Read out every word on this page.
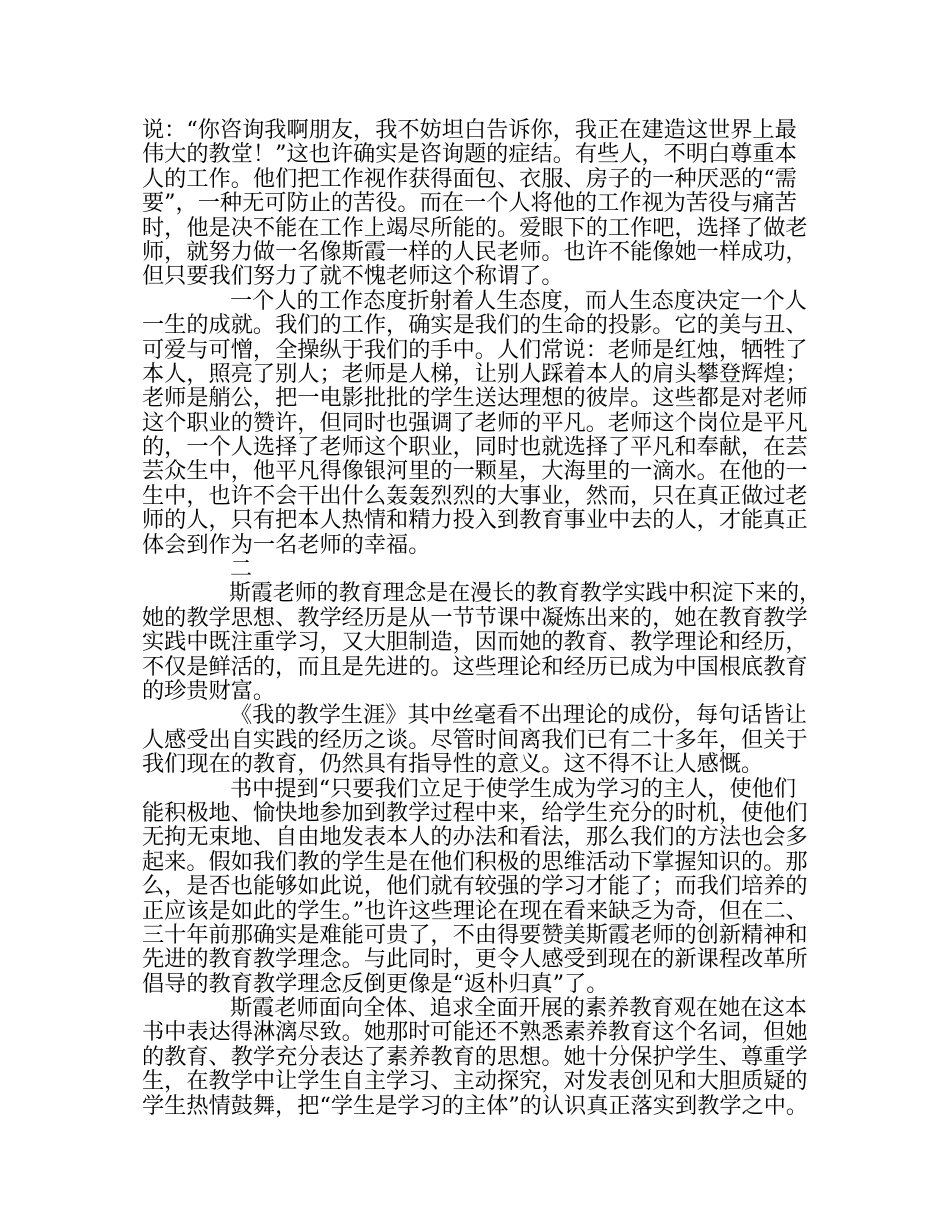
说：“你咨询我啊朋友，我不妨坦白告诉你，我正在建造这世界上最
伟大的教堂！”这也许确实是咨询题的症结。有些人，不明白尊重本
人的工作。他们把工作视作获得面包、衣服、房子的一种厌恶的“需
要”，一种无可防止的苦役。而在一个人将他的工作视为苦役与痛苦
时，他是决不能在工作上竭尽所能的。爱眼下的工作吧，选择了做老
师，就努力做一名像斯霞一样的人民老师。也许不能像她一样成功，
但只要我们努力了就不愧老师这个称谓了。
一个人的工作态度折射着人生态度，而人生态度决定一个人
一生的成就。我们的工作，确实是我们的生命的投影。它的美与丑、
可爱与可憎，全操纵于我们的手中。人们常说：老师是红烛，牺牲了
本人，照亮了别人；老师是人梯，让别人踩着本人的肩头攀登辉煌；
老师是艄公，把一电影批批的学生送达理想的彼岸。这些都是对老师
这个职业的赞许，但同时也强调了老师的平凡。老师这个岗位是平凡
的，一个人选择了老师这个职业，同时也就选择了平凡和奉献，在芸
芸众生中，他平凡得像银河里的一颗星，大海里的一滴水。在他的一
生中，也许不会干出什么轰轰烈烈的大事业，然而，只在真正做过老
师的人，只有把本人热情和精力投入到教育事业中去的人，才能真正
体会到作为一名老师的幸福。
二
斯霞老师的教育理念是在漫长的教育教学实践中积淀下来的，
她的教学思想、教学经历是从一节节课中凝炼出来的，她在教育教学
实践中既注重学习，又大胆制造，因而她的教育、教学理论和经历，
不仅是鲜活的，而且是先进的。这些理论和经历已成为中国根底教育
的珍贵财富。
《我的教学生涯》其中丝毫看不出理论的成份，每句话皆让
人感受出自实践的经历之谈。尽管时间离我们已有二十多年，但关于
我们现在的教育，仍然具有指导性的意义。这不得不让人感慨。
书中提到“只要我们立足于使学生成为学习的主人，使他们
能积极地、愉快地参加到教学过程中来，给学生充分的时机，使他们
无拘无束地、自由地发表本人的办法和看法，那么我们的方法也会多
起来。假如我们教的学生是在他们积极的思维活动下掌握知识的。那
么，是否也能够如此说，他们就有较强的学习才能了；而我们培养的
正应该是如此的学生。”也许这些理论在现在看来缺乏为奇，但在二、
三十年前那确实是难能可贵了，不由得要赞美斯霞老师的创新精神和
先进的教育教学理念。与此同时，更令人感受到现在的新课程改革所
倡导的教育教学理念反倒更像是“返朴归真”了。
斯霞老师面向全体、追求全面开展的素养教育观在她在这本
书中表达得淋漓尽致。她那时可能还不熟悉素养教育这个名词，但她
的教育、教学充分表达了素养教育的思想。她十分保护学生、尊重学
生，在教学中让学生自主学习、主动探究，对发表创见和大胆质疑的
学生热情鼓舞，把“学生是学习的主体”的认识真正落实到教学之中。
